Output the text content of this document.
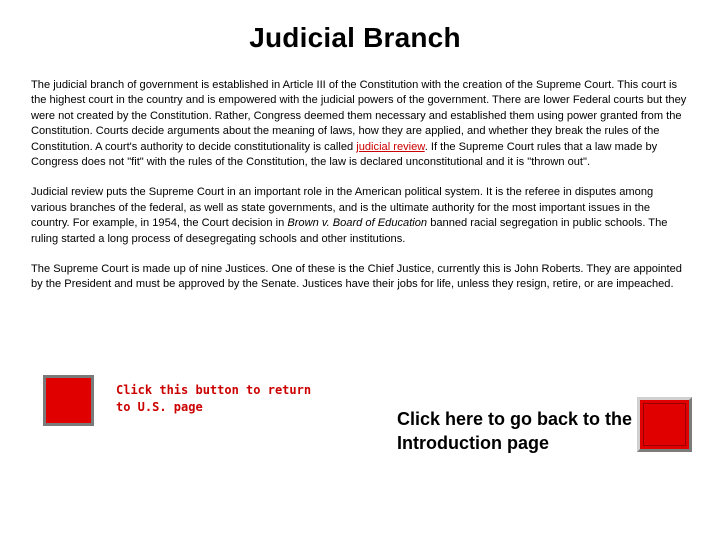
Judicial Branch

The judicial branch of government is established in Article III of the Constitution with the creation of the Supreme Court. This court is the highest court in the country and is empowered with the judicial powers of the government. There are lower Federal courts but they were not created by the Constitution. Rather, Congress deemed them necessary and established them using power granted from the Constitution. Courts decide arguments about the meaning of laws, how they are applied, and whether they break the rules of the Constitution. A court's authority to decide constitutionality is called judicial review. If the Supreme Court rules that a law made by Congress does not "fit" with the rules of the Constitution, the law is declared unconstitutional and it is "thrown out".

Judicial review puts the Supreme Court in an important role in the American political system. It is the referee in disputes among various branches of the federal, as well as state governments, and is the ultimate authority for the most important issues in the country. For example, in 1954, the Court decision in Brown v. Board of Education banned racial segregation in public schools. The ruling started a long process of desegregating schools and other institutions.

The Supreme Court is made up of nine Justices. One of these is the Chief Justice, currently this is John Roberts. They are appointed by the President and must be approved by the Senate. Justices have their jobs for life, unless they resign, retire, or are impeached.

Click this button to return to U.S. page
Click here to go back to the Introduction page
